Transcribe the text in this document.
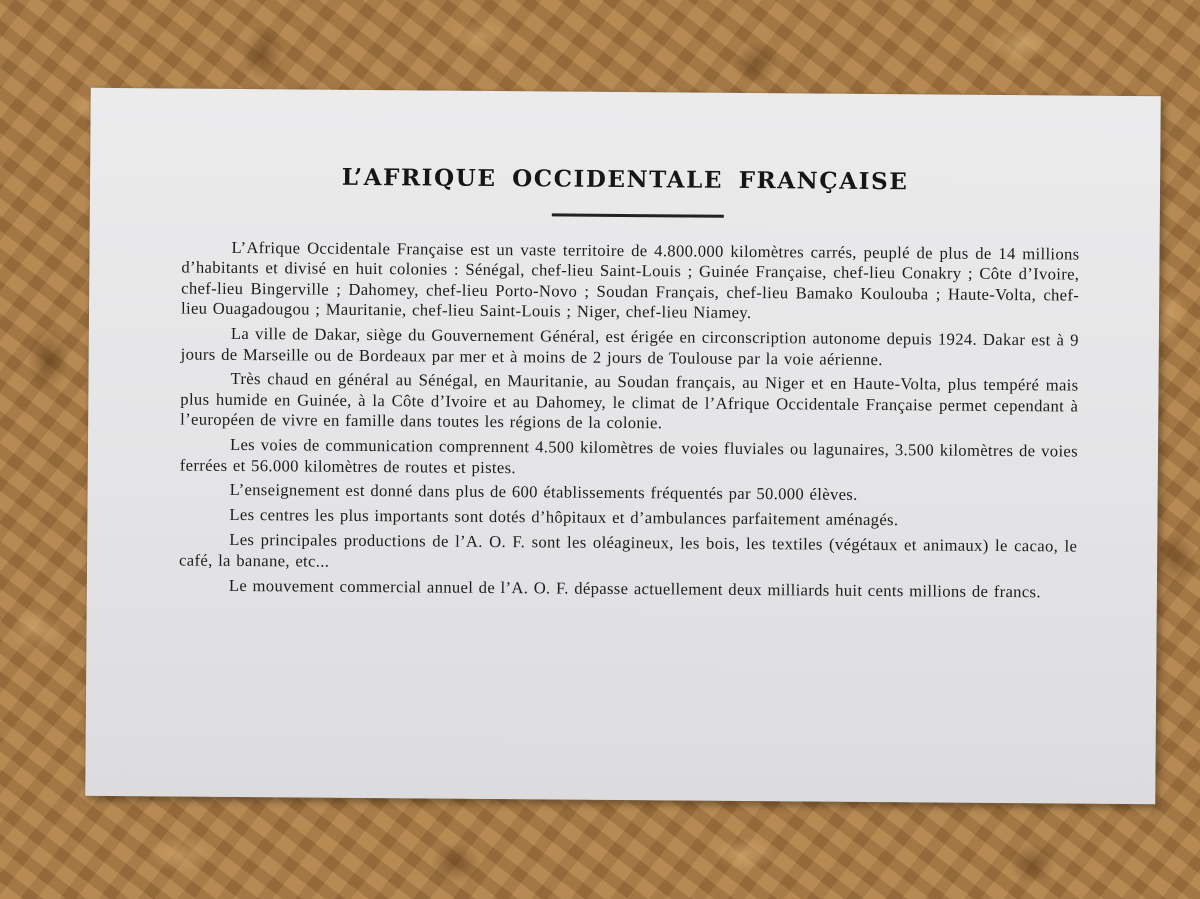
L’AFRIQUE OCCIDENTALE FRANÇAISE

L’Afrique Occidentale Française est un vaste territoire de 4.800.000 kilomètres carrés, peuplé de plus de 14 millions d’habitants et divisé en huit colonies : Sénégal, chef-lieu Saint-Louis ; Guinée Française, chef-lieu Conakry ; Côte d’Ivoire, chef-lieu Bingerville ; Dahomey, chef-lieu Porto-Novo ; Soudan Français, chef-lieu Bamako Koulouba ; Haute-Volta, chef-lieu Ouagadougou ; Mauritanie, chef-lieu Saint-Louis ; Niger, chef-lieu Niamey.

La ville de Dakar, siège du Gouvernement Général, est érigée en circonscription autonome depuis 1924. Dakar est à 9 jours de Marseille ou de Bordeaux par mer et à moins de 2 jours de Toulouse par la voie aérienne.

Très chaud en général au Sénégal, en Mauritanie, au Soudan français, au Niger et en Haute-Volta, plus tempéré mais plus humide en Guinée, à la Côte d’Ivoire et au Dahomey, le climat de l’Afrique Occidentale Française permet cependant à l’européen de vivre en famille dans toutes les régions de la colonie.

Les voies de communication comprennent 4.500 kilomètres de voies fluviales ou lagunaires, 3.500 kilomètres de voies ferrées et 56.000 kilomètres de routes et pistes.

L’enseignement est donné dans plus de 600 établissements fréquentés par 50.000 élèves.

Les centres les plus importants sont dotés d’hôpitaux et d’ambulances parfaitement aménagés.

Les principales productions de l’A. O. F. sont les oléagineux, les bois, les textiles (végétaux et animaux) le cacao, le café, la banane, etc...

Le mouvement commercial annuel de l’A. O. F. dépasse actuellement deux milliards huit cents millions de francs.
